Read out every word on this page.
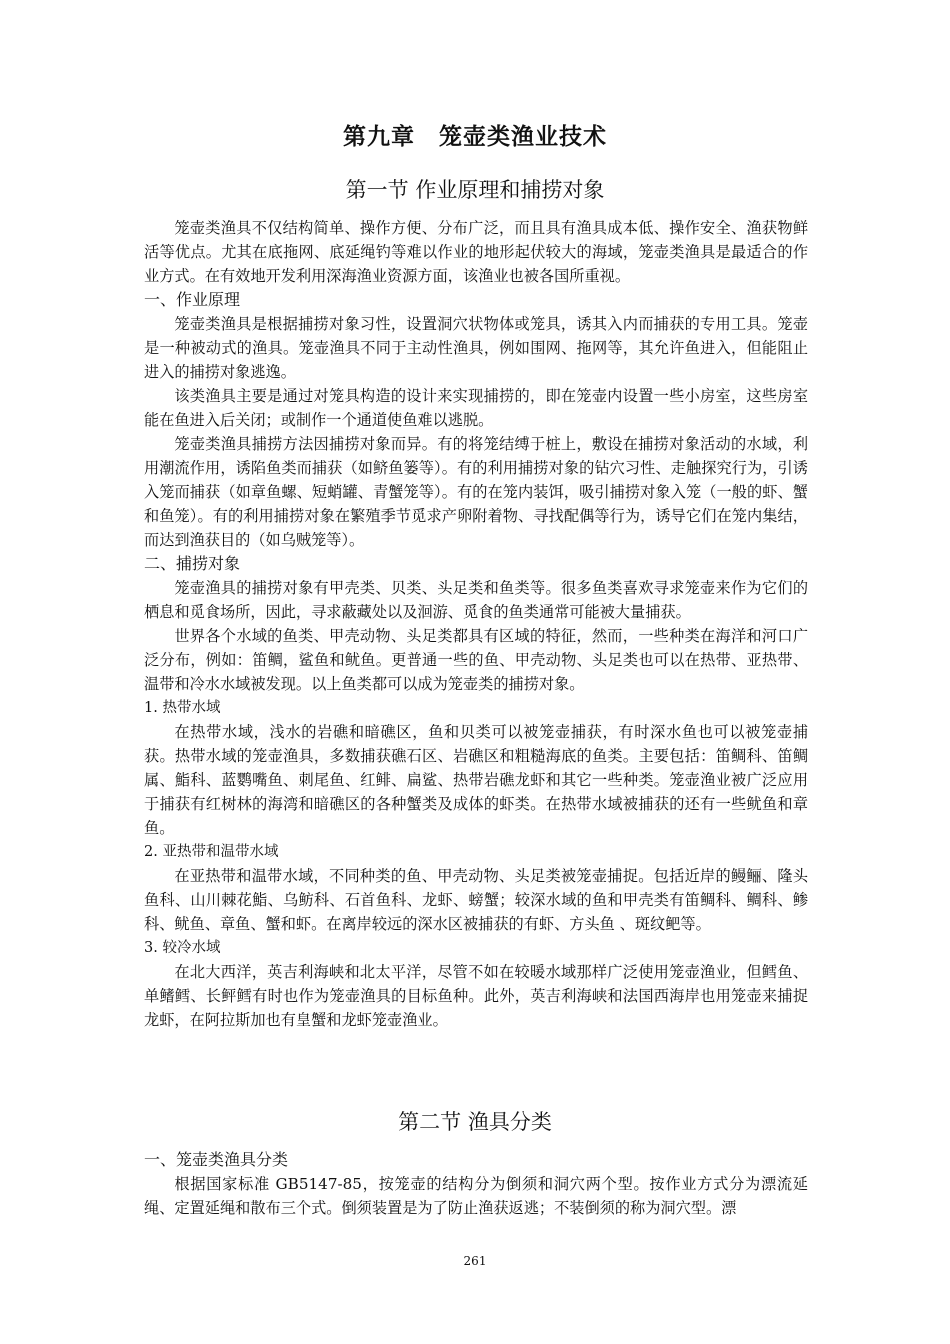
第九章　笼壶类渔业技术
第一节 作业原理和捕捞对象

笼壶类渔具不仅结构简单、操作方便、分布广泛，而且具有渔具成本低、操作安全、渔获物鲜活等优点。尤其在底拖网、底延绳钓等难以作业的地形起伏较大的海域，笼壶类渔具是最适合的作业方式。在有效地开发利用深海渔业资源方面，该渔业也被各国所重视。

一、作业原理

笼壶类渔具是根据捕捞对象习性，设置洞穴状物体或笼具，诱其入内而捕获的专用工具。笼壶是一种被动式的渔具。笼壶渔具不同于主动性渔具，例如围网、拖网等，其允许鱼进入，但能阻止进入的捕捞对象逃逸。

该类渔具主要是通过对笼具构造的设计来实现捕捞的，即在笼壶内设置一些小房室，这些房室能在鱼进入后关闭；或制作一个通道使鱼难以逃脱。

笼壶类渔具捕捞方法因捕捞对象而异。有的将笼结缚于桩上，敷设在捕捞对象活动的水域，利用潮流作用，诱陷鱼类而捕获（如鲚鱼篓等）。有的利用捕捞对象的钻穴习性、走触探究行为，引诱入笼而捕获（如章鱼螺、短蛸罐、青蟹笼等）。有的在笼内装饵，吸引捕捞对象入笼（一般的虾、蟹和鱼笼）。有的利用捕捞对象在繁殖季节觅求产卵附着物、寻找配偶等行为，诱导它们在笼内集结，而达到渔获目的（如乌贼笼等）。

二、捕捞对象

笼壶渔具的捕捞对象有甲壳类、贝类、头足类和鱼类等。很多鱼类喜欢寻求笼壶来作为它们的栖息和觅食场所，因此，寻求蔽藏处以及洄游、觅食的鱼类通常可能被大量捕获。

世界各个水域的鱼类、甲壳动物、头足类都具有区域的特征，然而，一些种类在海洋和河口广泛分布，例如：笛鲷，鲨鱼和鱿鱼。更普通一些的鱼、甲壳动物、头足类也可以在热带、亚热带、温带和冷水水域被发现。以上鱼类都可以成为笼壶类的捕捞对象。

1. 热带水域

在热带水域，浅水的岩礁和暗礁区，鱼和贝类可以被笼壶捕获，有时深水鱼也可以被笼壶捕获。热带水域的笼壶渔具，多数捕获礁石区、岩礁区和粗糙海底的鱼类。主要包括：笛鲷科、笛鲷属、鮨科、蓝鹦嘴鱼、刺尾鱼、红鲱、扁鲨、热带岩礁龙虾和其它一些种类。笼壶渔业被广泛应用于捕获有红树林的海湾和暗礁区的各种蟹类及成体的虾类。在热带水域被捕获的还有一些鱿鱼和章鱼。

2. 亚热带和温带水域

在亚热带和温带水域，不同种类的鱼、甲壳动物、头足类被笼壶捕捉。包括近岸的鳗鲡、隆头鱼科、山川棘花鮨、乌鲂科、石首鱼科、龙虾、螃蟹；较深水域的鱼和甲壳类有笛鲷科、鲷科、鲹科、鱿鱼、章鱼、蟹和虾。在离岸较远的深水区被捕获的有虾、方头鱼 、斑纹鲃等。

3. 较冷水域

在北大西洋，英吉利海峡和北太平洋，尽管不如在较暖水域那样广泛使用笼壶渔业，但鳕鱼、单鳍鳕、长鲆鳕有时也作为笼壶渔具的目标鱼种。此外，英吉利海峡和法国西海岸也用笼壶来捕捉龙虾，在阿拉斯加也有皇蟹和龙虾笼壶渔业。

第二节 渔具分类

一、笼壶类渔具分类

根据国家标准 GB5147-85，按笼壶的结构分为倒须和洞穴两个型。按作业方式分为漂流延绳、定置延绳和散布三个式。倒须装置是为了防止渔获返逃；不装倒须的称为洞穴型。漂

261
